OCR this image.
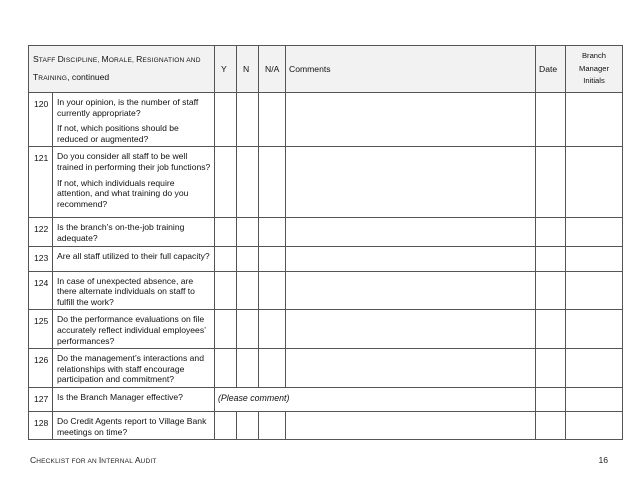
STAFF DISCIPLINE, MORALE, RESIGNATION AND
TRAINING, continued		Y	N	N/A	Comments	Date	Branch
Manager
Initials
120	In your opinion, is the number of staff currently appropriate?

If not, which positions should be reduced or augmented?						

121	Do you consider all staff to be well trained in performing their job functions?

If not, which individuals require attention, and what training do you recommend?						

122	Is the branch’s on-the-job training adequate?						

123	Are all staff utilized to their full capacity?						

124	In case of unexpected absence, are there alternate individuals on staff to fulfill the work?						

125	Do the performance evaluations on file accurately reflect individual employees’ performances?						

126	Do the management’s interactions and relationships with staff encourage participation and commitment?						

127	Is the Branch Manager effective?	(Please comment)					
128	Do Credit Agents report to Village Bank meetings on time?						

CHECKLIST FOR AN INTERNAL AUDIT	16
